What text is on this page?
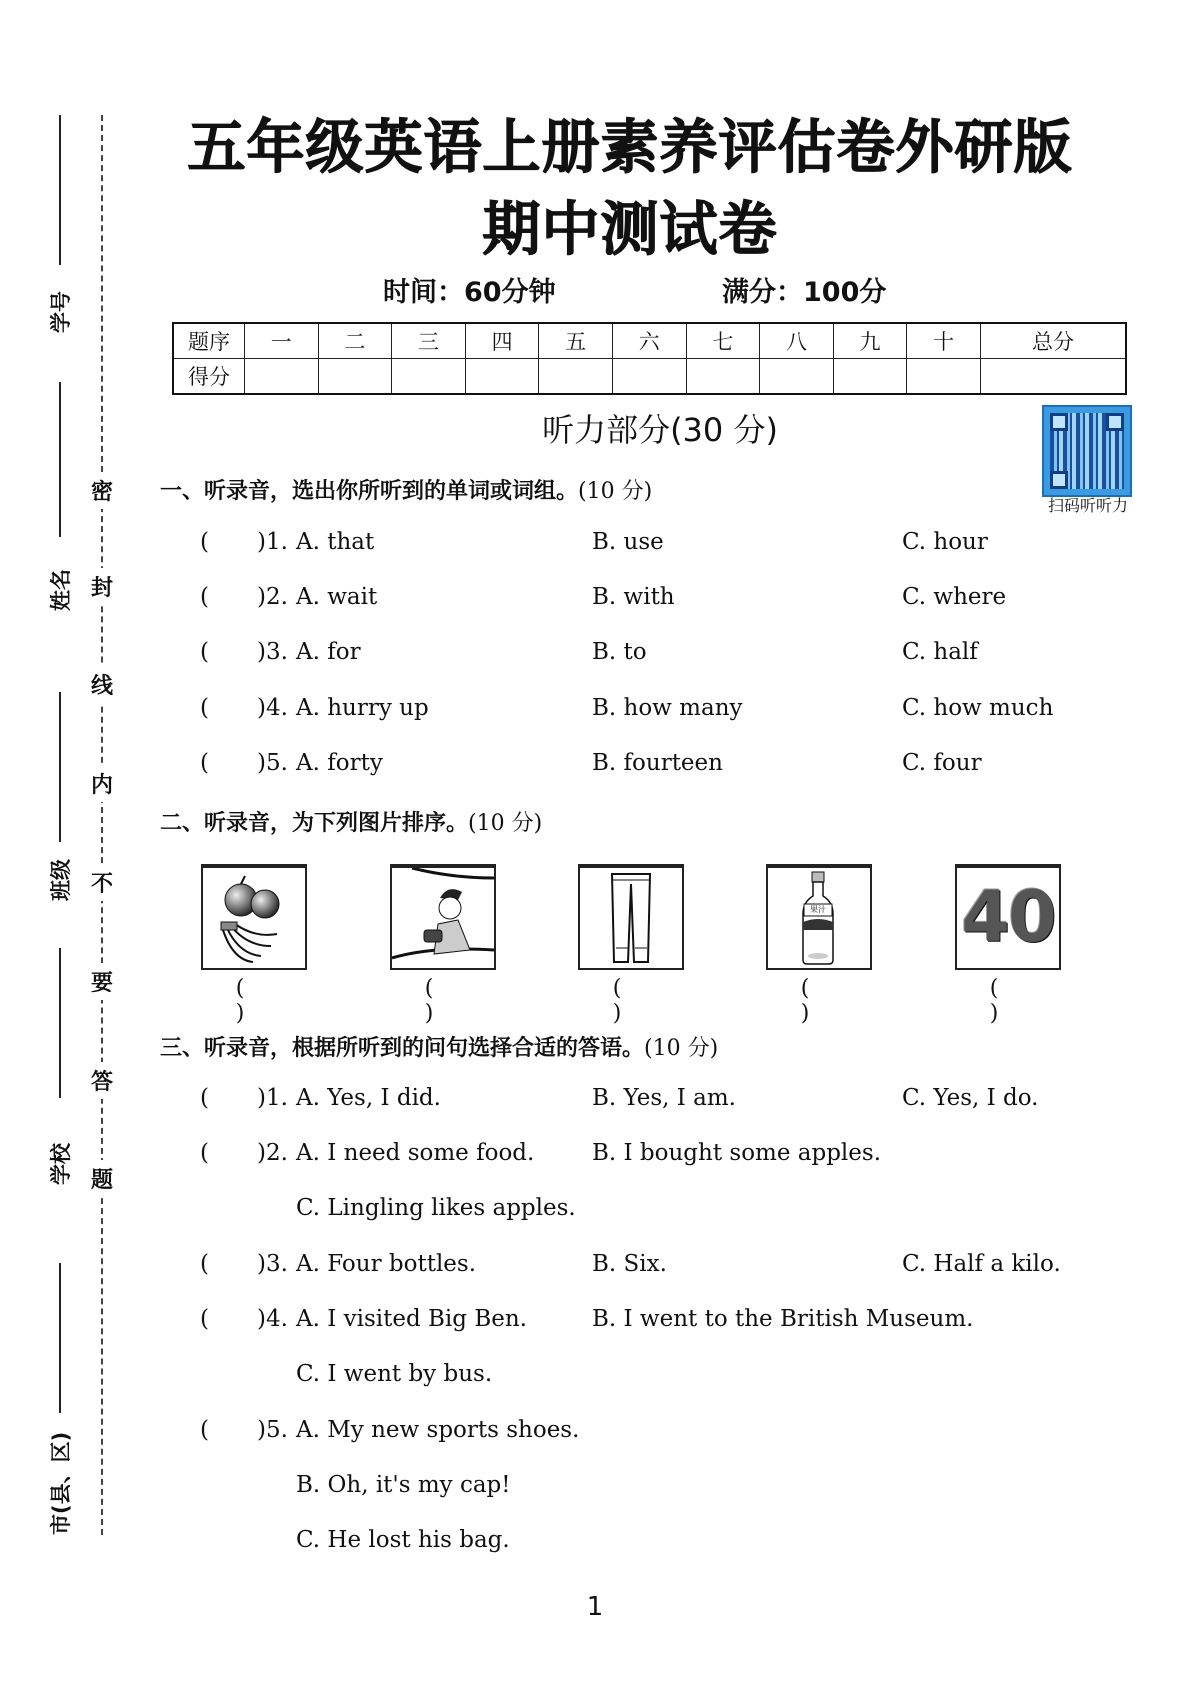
学号
姓名
班级
学校
市(县、区)
密
封
线
内
不
要
答
题
五年级英语上册素养评估卷外研版
期中测试卷
时间：60分钟	满分：100分
题序	一	二	三	四	五	六	七	八	九	十	总分
得分											
听力部分(30 分)
扫码听听力
一、听录音，选出你所听到的单词或词组。(10 分)
( )1. A. that	B. use	C. hour
( )2. A. wait	B. with	C. where
( )3. A. for	B. to	C. half
( )4. A. hurry up	B. how many	C. how much
( )5. A. forty	B. fourteen	C. four
二、听录音，为下列图片排序。(10 分)
( )
( )
( )
果汁
( )
40
( )
三、听录音，根据所听到的问句选择合适的答语。(10 分)
( )1. A. Yes, I did.	B. Yes, I am.	C. Yes, I do.
( )2. A. I need some food.	B. I bought some apples.
C. Lingling likes apples.
( )3. A. Four bottles.	B. Six.	C. Half a kilo.
( )4. A. I visited Big Ben.	B. I went to the British Museum.
C. I went by bus.
( )5. A. My new sports shoes.
B. Oh, it's my cap!
C. He lost his bag.
1
